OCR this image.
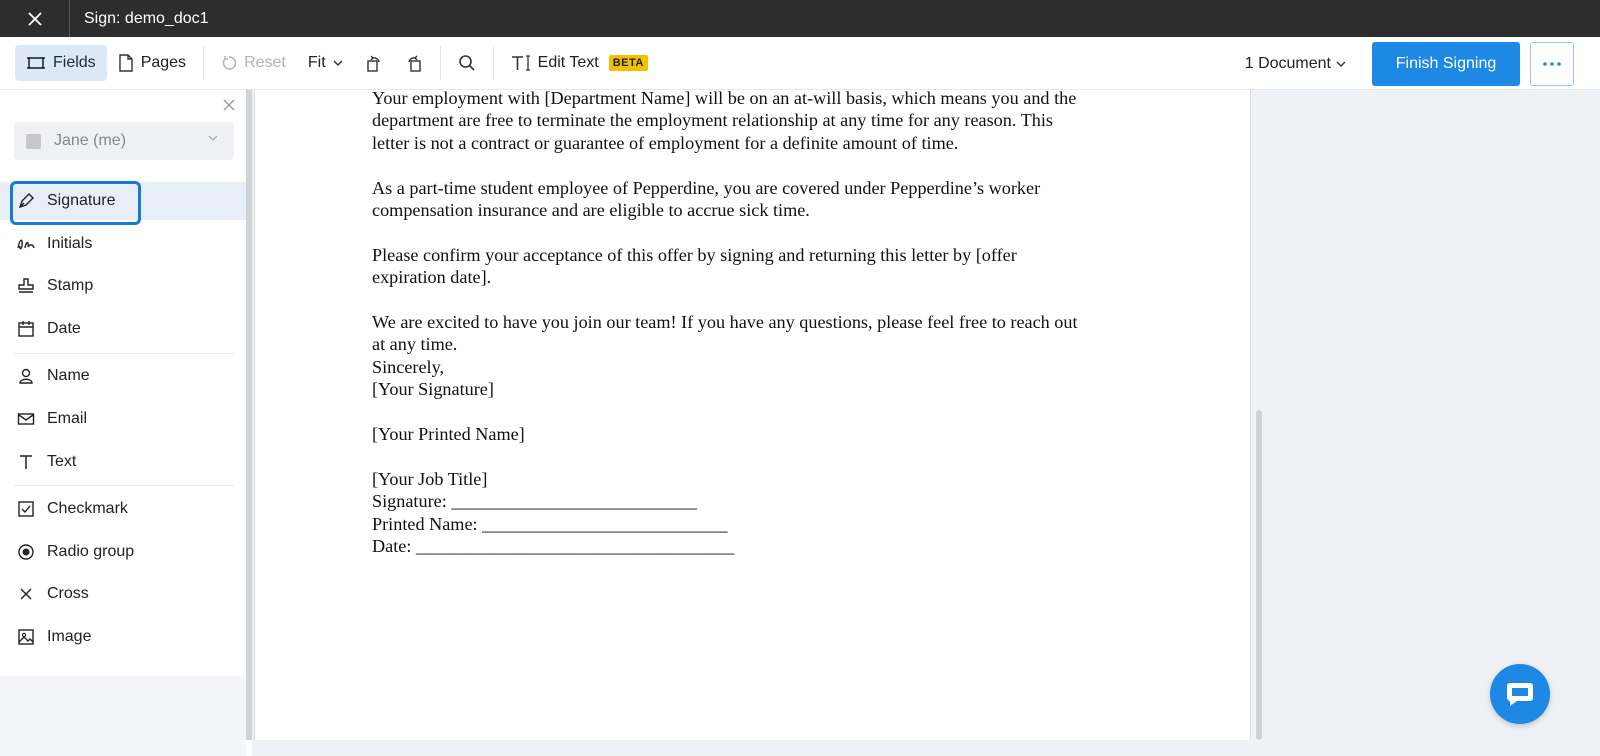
Sign: demo_doc1
Fields	Pages	Reset Fit	Edit Text	BETA	1 Document	Finish Signing
Jane (me)
Signature
Initials
Stamp
Date
Name
Email
Text
Checkmark
Radio group
Cross
Image

Your employment with [Department Name] will be on an at-will basis, which means you and the

department are free to terminate the employment relationship at any time for any reason. This

letter is not a contract or guarantee of employment for a definite amount of time.

As a part-time student employee of Pepperdine, you are covered under Pepperdine’s worker

compensation insurance and are eligible to accrue sick time.

Please confirm your acceptance of this offer by signing and returning this letter by [offer

expiration date].

We are excited to have you join our team! If you have any questions, please feel free to reach out

at any time.

Sincerely,

[Your Signature]

[Your Printed Name]

[Your Job Title]

Signature: ___________________________

Printed Name: ___________________________

Date: ___________________________________
